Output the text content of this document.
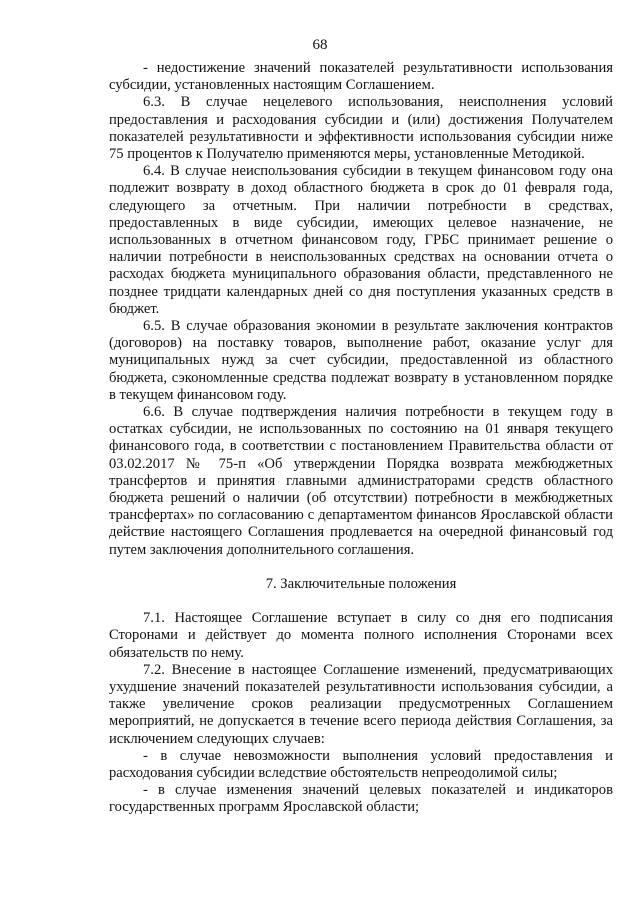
68

- недостижение значений показателей результативности использования субсидии, установленных настоящим Соглашением.

6.3. В случае нецелевого использования, неисполнения условий предоставления и расходования субсидии и (или) достижения Получателем показателей результативности и эффективности использования субсидии ниже 75 процентов к Получателю применяются меры, установленные Методикой.

6.4. В случае неиспользования субсидии в текущем финансовом году она подлежит возврату в доход областного бюджета в срок до 01 февраля года, следующего за отчетным. При наличии потребности в средствах, предоставленных в виде субсидии, имеющих целевое назначение, не использованных в отчетном финансовом году, ГРБС принимает решение о наличии потребности в неиспользованных средствах на основании отчета о расходах бюджета муниципального образования области, представленного не позднее тридцати календарных дней со дня поступления указанных средств в бюджет.

6.5. В случае образования экономии в результате заключения контрактов (договоров) на поставку товаров, выполнение работ, оказание услуг для муниципальных нужд за счет субсидии, предоставленной из областного бюджета, сэкономленные средства подлежат возврату в установленном порядке в текущем финансовом году.

6.6. В случае подтверждения наличия потребности в текущем году в остатках субсидии, не использованных по состоянию на 01 января текущего финансового года, в соответствии с постановлением Правительства области от 03.02.2017 № 75-п «Об утверждении Порядка возврата межбюджетных трансфертов и принятия главными администраторами средств областного бюджета решений о наличии (об отсутствии) потребности в межбюджетных трансфертах» по согласованию с департаментом финансов Ярославской области действие настоящего Соглашения продлевается на очередной финансовый год путем заключения дополнительного соглашения.

7. Заключительные положения

7.1. Настоящее Соглашение вступает в силу со дня его подписания Сторонами и действует до момента полного исполнения Сторонами всех обязательств по нему.

7.2. Внесение в настоящее Соглашение изменений, предусматривающих ухудшение значений показателей результативности использования субсидии, а также увеличение сроков реализации предусмотренных Соглашением мероприятий, не допускается в течение всего периода действия Соглашения, за исключением следующих случаев:

- в случае невозможности выполнения условий предоставления и расходования субсидии вследствие обстоятельств непреодолимой силы;

- в случае изменения значений целевых показателей и индикаторов государственных программ Ярославской области;
